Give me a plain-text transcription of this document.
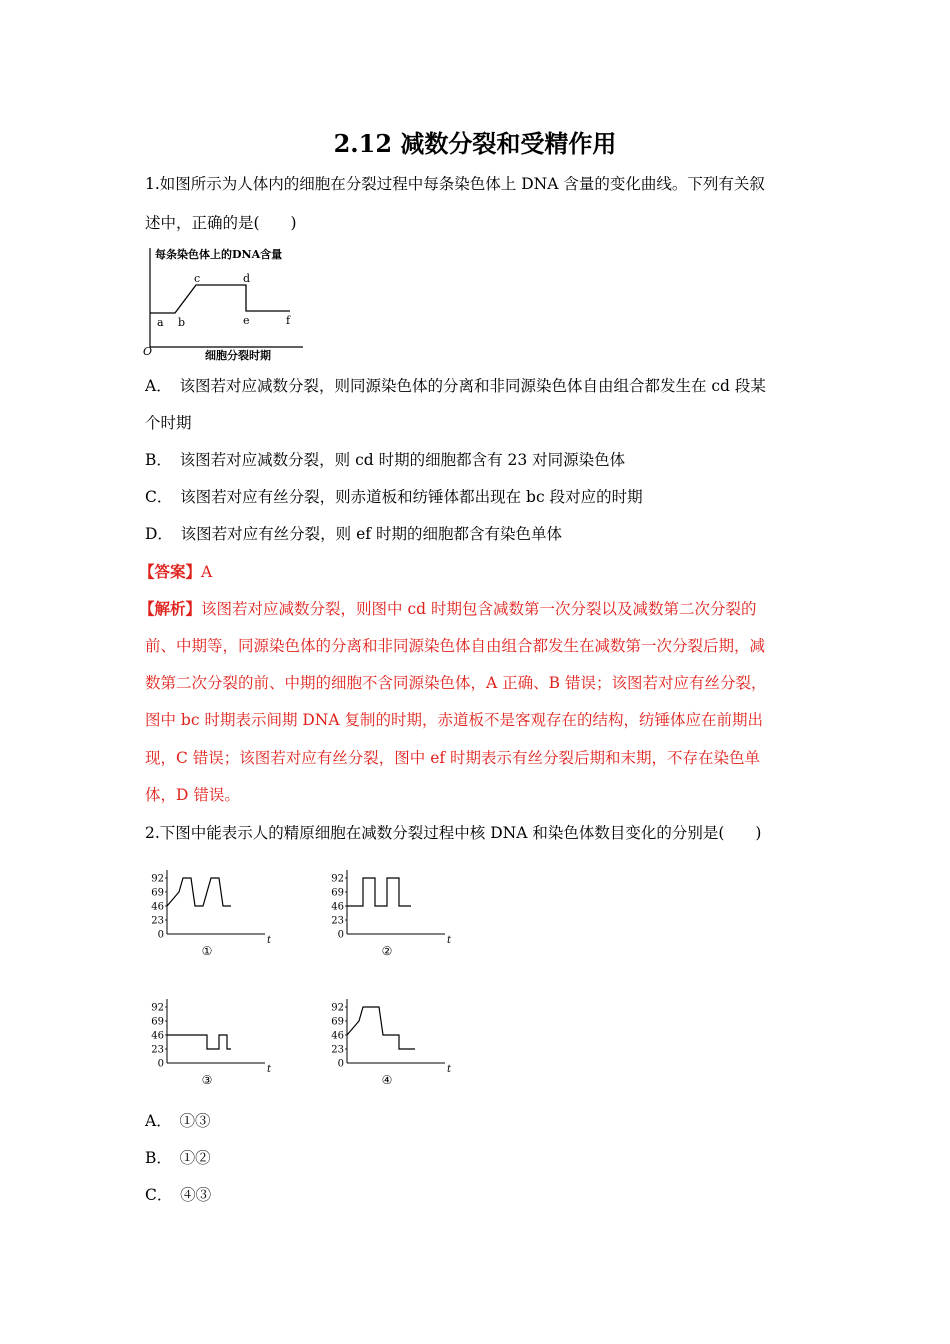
2.12 减数分裂和受精作用
1.如图所示为人体内的细胞在分裂过程中每条染色体上 DNA 含量的变化曲线。下列有关叙
述中，正确的是(　　)
每条染色体上的DNA含量
O
a b
c	d
e	f
细胞分裂时期
A．　该图若对应减数分裂，则同源染色体的分离和非同源染色体自由组合都发生在 cd 段某
个时期
B．　该图若对应减数分裂，则 cd 时期的细胞都含有 23 对同源染色体
C．　该图若对应有丝分裂，则赤道板和纺锤体都出现在 bc 段对应的时期
D．　该图若对应有丝分裂，则 ef 时期的细胞都含有染色单体
【答案】A
【解析】该图若对应减数分裂，则图中 cd 时期包含减数第一次分裂以及减数第二次分裂的
前、中期等，同源染色体的分离和非同源染色体自由组合都发生在减数第一次分裂后期，减
数第二次分裂的前、中期的细胞不含同源染色体，A 正确、B 错误；该图若对应有丝分裂，
图中 bc 时期表示间期 DNA 复制的时期，赤道板不是客观存在的结构，纺锤体应在前期出
现，C 错误；该图若对应有丝分裂，图中 ef 时期表示有丝分裂后期和末期，不存在染色单
体，D 错误。
2.下图中能表示人的精原细胞在减数分裂过程中核 DNA 和染色体数目变化的分别是(　　)
92
69
46
23
0	t
①
92
69
46
23
0	t
②
92
69
46
23
0	t
③
92
69
46
23
0	t
④
A．　①③
B．　①②
C．　④③
